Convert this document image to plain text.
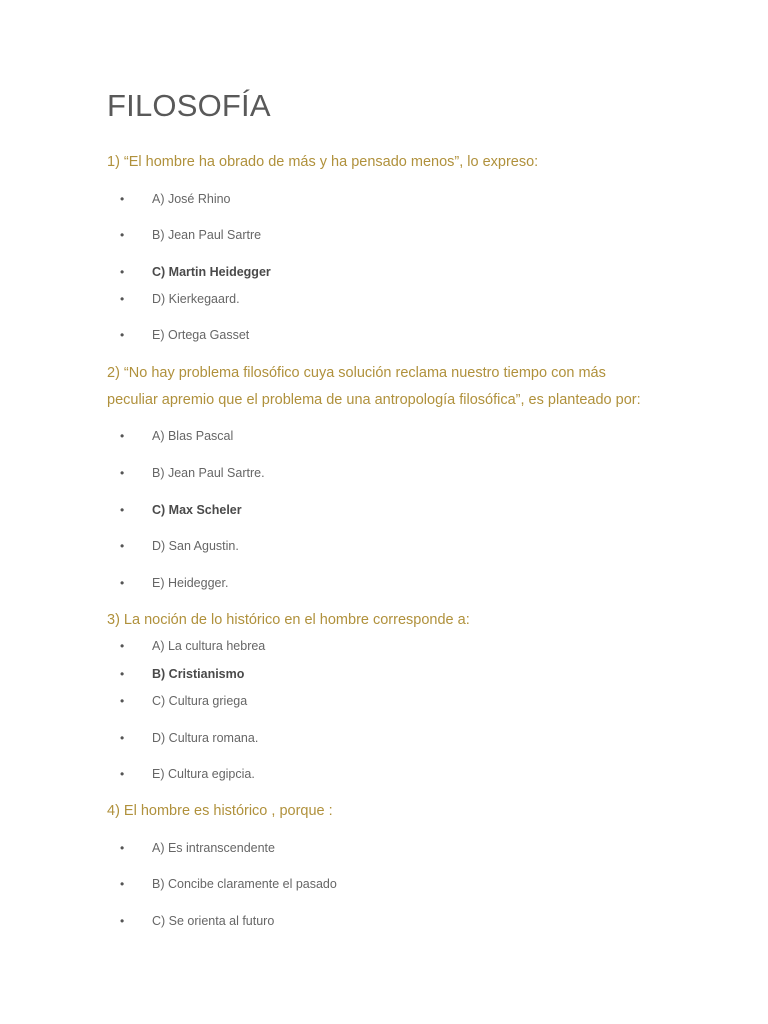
FILOSOFÍA

1) “El hombre ha obrado de más y ha pensado menos”, lo expreso:

• A) José Rhino
• B) Jean Paul Sartre
• C) Martin Heidegger
• D) Kierkegaard.
• E) Ortega Gasset

2) “No hay problema filosófico cuya solución reclama nuestro tiempo con más

peculiar apremio que el problema de una antropología filosófica”, es planteado por:

• A) Blas Pascal
• B) Jean Paul Sartre.
• C) Max Scheler
• D) San Agustin.
• E) Heidegger.

3) La noción de lo histórico en el hombre corresponde a:

• A) La cultura hebrea
• B) Cristianismo
• C) Cultura griega
• D) Cultura romana.
• E) Cultura egipcia.

4) El hombre es histórico , porque :

• A) Es intranscendente
• B) Concibe claramente el pasado
• C) Se orienta al futuro
